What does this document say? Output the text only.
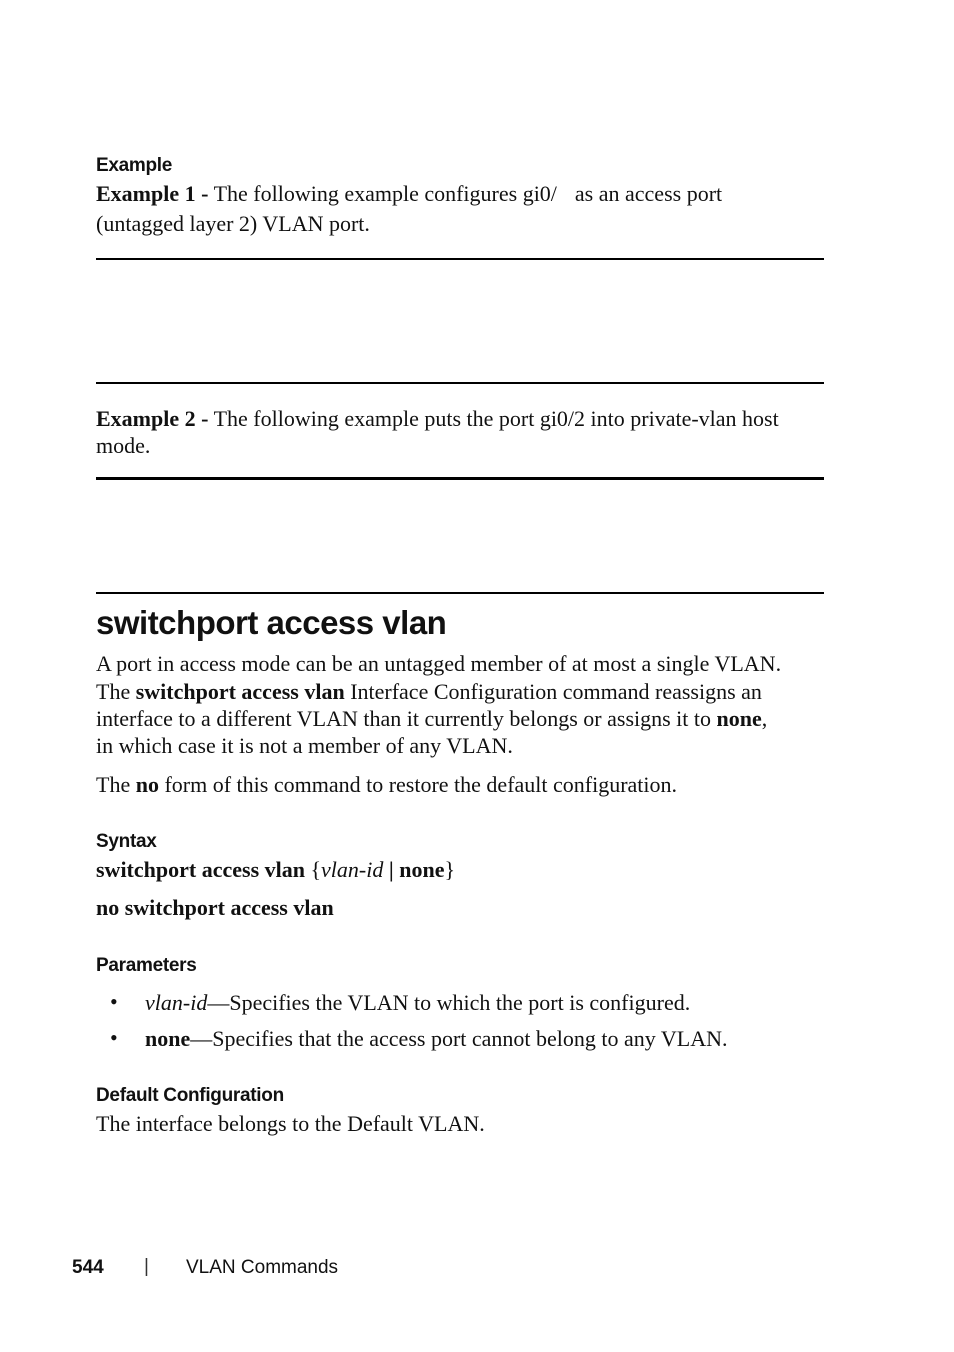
Example
Example 1 - The following example configures gi0/ as an access port
(untagged layer 2) VLAN port.
Example 2 - The following example puts the port gi0/2 into private-vlan host
mode.
switchport access vlan
A port in access mode can be an untagged member of at most a single VLAN.
The switchport access vlan Interface Configuration command reassigns an
interface to a different VLAN than it currently belongs or assigns it to none,
in which case it is not a member of any VLAN.
The no form of this command to restore the default configuration.
Syntax
switchport access vlan {vlan-id | none}
no switchport access vlan
Parameters
• vlan-id—Specifies the VLAN to which the port is configured.
• none—Specifies that the access port cannot belong to any VLAN.
Default Configuration
The interface belongs to the Default VLAN.
544 | VLAN Commands
